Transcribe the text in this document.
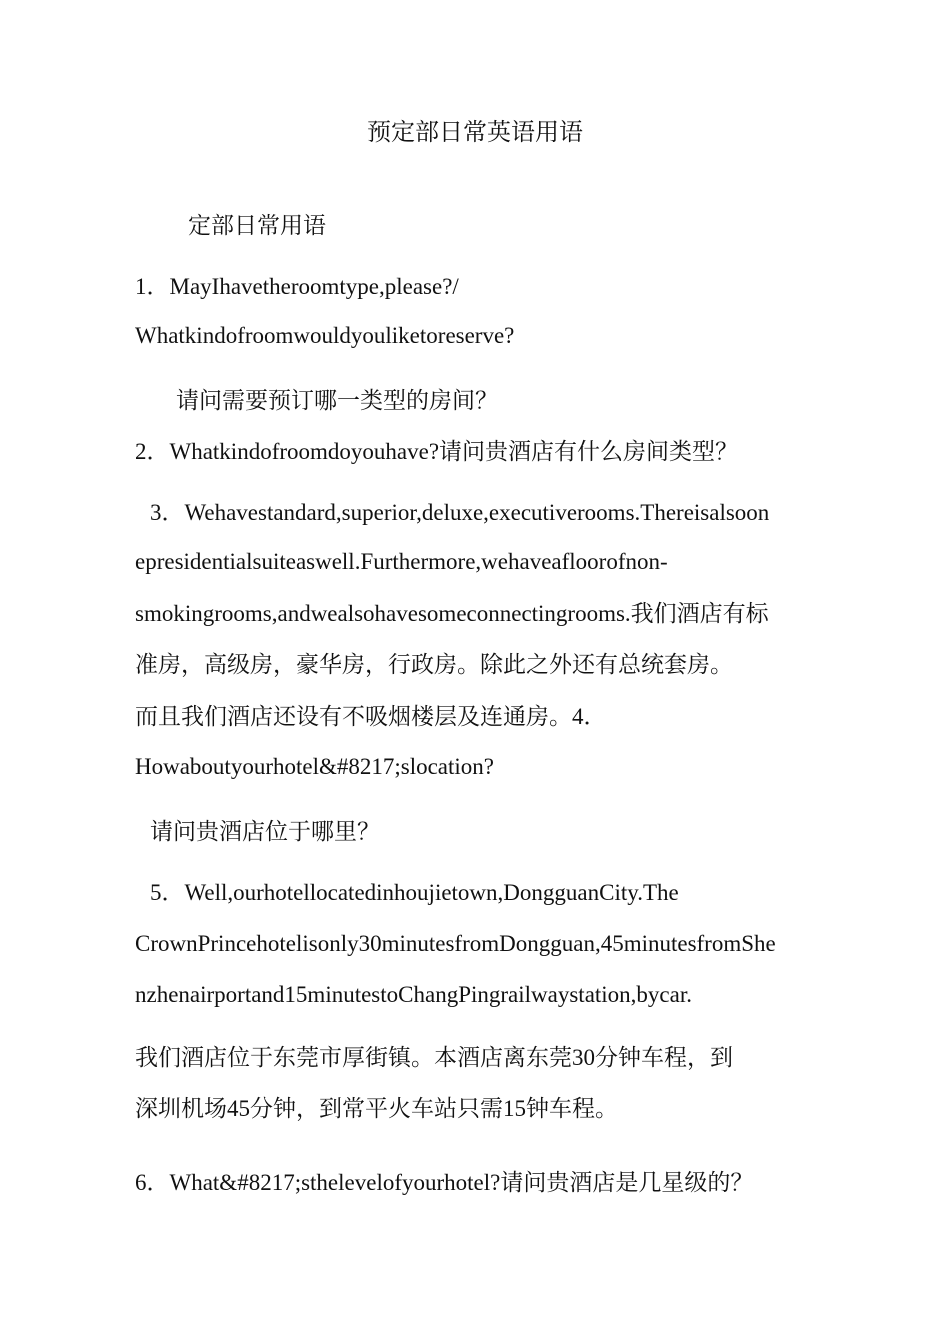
预定部日常英语用语
定部日常用语
1．MayIhavetheroomtype,please?/
Whatkindofroomwouldyouliketoreserve?
请问需要预订哪一类型的房间？
2．Whatkindofroomdoyouhave?请问贵酒店有什么房间类型？
3．Wehavestandard,superior,deluxe,executiverooms.Thereisalsoon
epresidentialsuiteaswell.Furthermore,wehaveafloorofnon-
smokingrooms,andwealsohavesomeconnectingrooms.我们酒店有标
准房，高级房，豪华房，行政房。除此之外还有总统套房。
而且我们酒店还设有不吸烟楼层及连通房。4．
Howaboutyourhotel&#8217;slocation?
请问贵酒店位于哪里？
5．Well,ourhotellocatedinhoujietown,DongguanCity.The
CrownPrincehotelisonly30minutesfromDongguan,45minutesfromShe
nzhenairportand15minutestoChangPingrailwaystation,bycar.
我们酒店位于东莞市厚街镇。本酒店离东莞30分钟车程，到
深圳机场45分钟，到常平火车站只需15钟车程。
6．What&#8217;sthelevelofyourhotel?请问贵酒店是几星级的？
